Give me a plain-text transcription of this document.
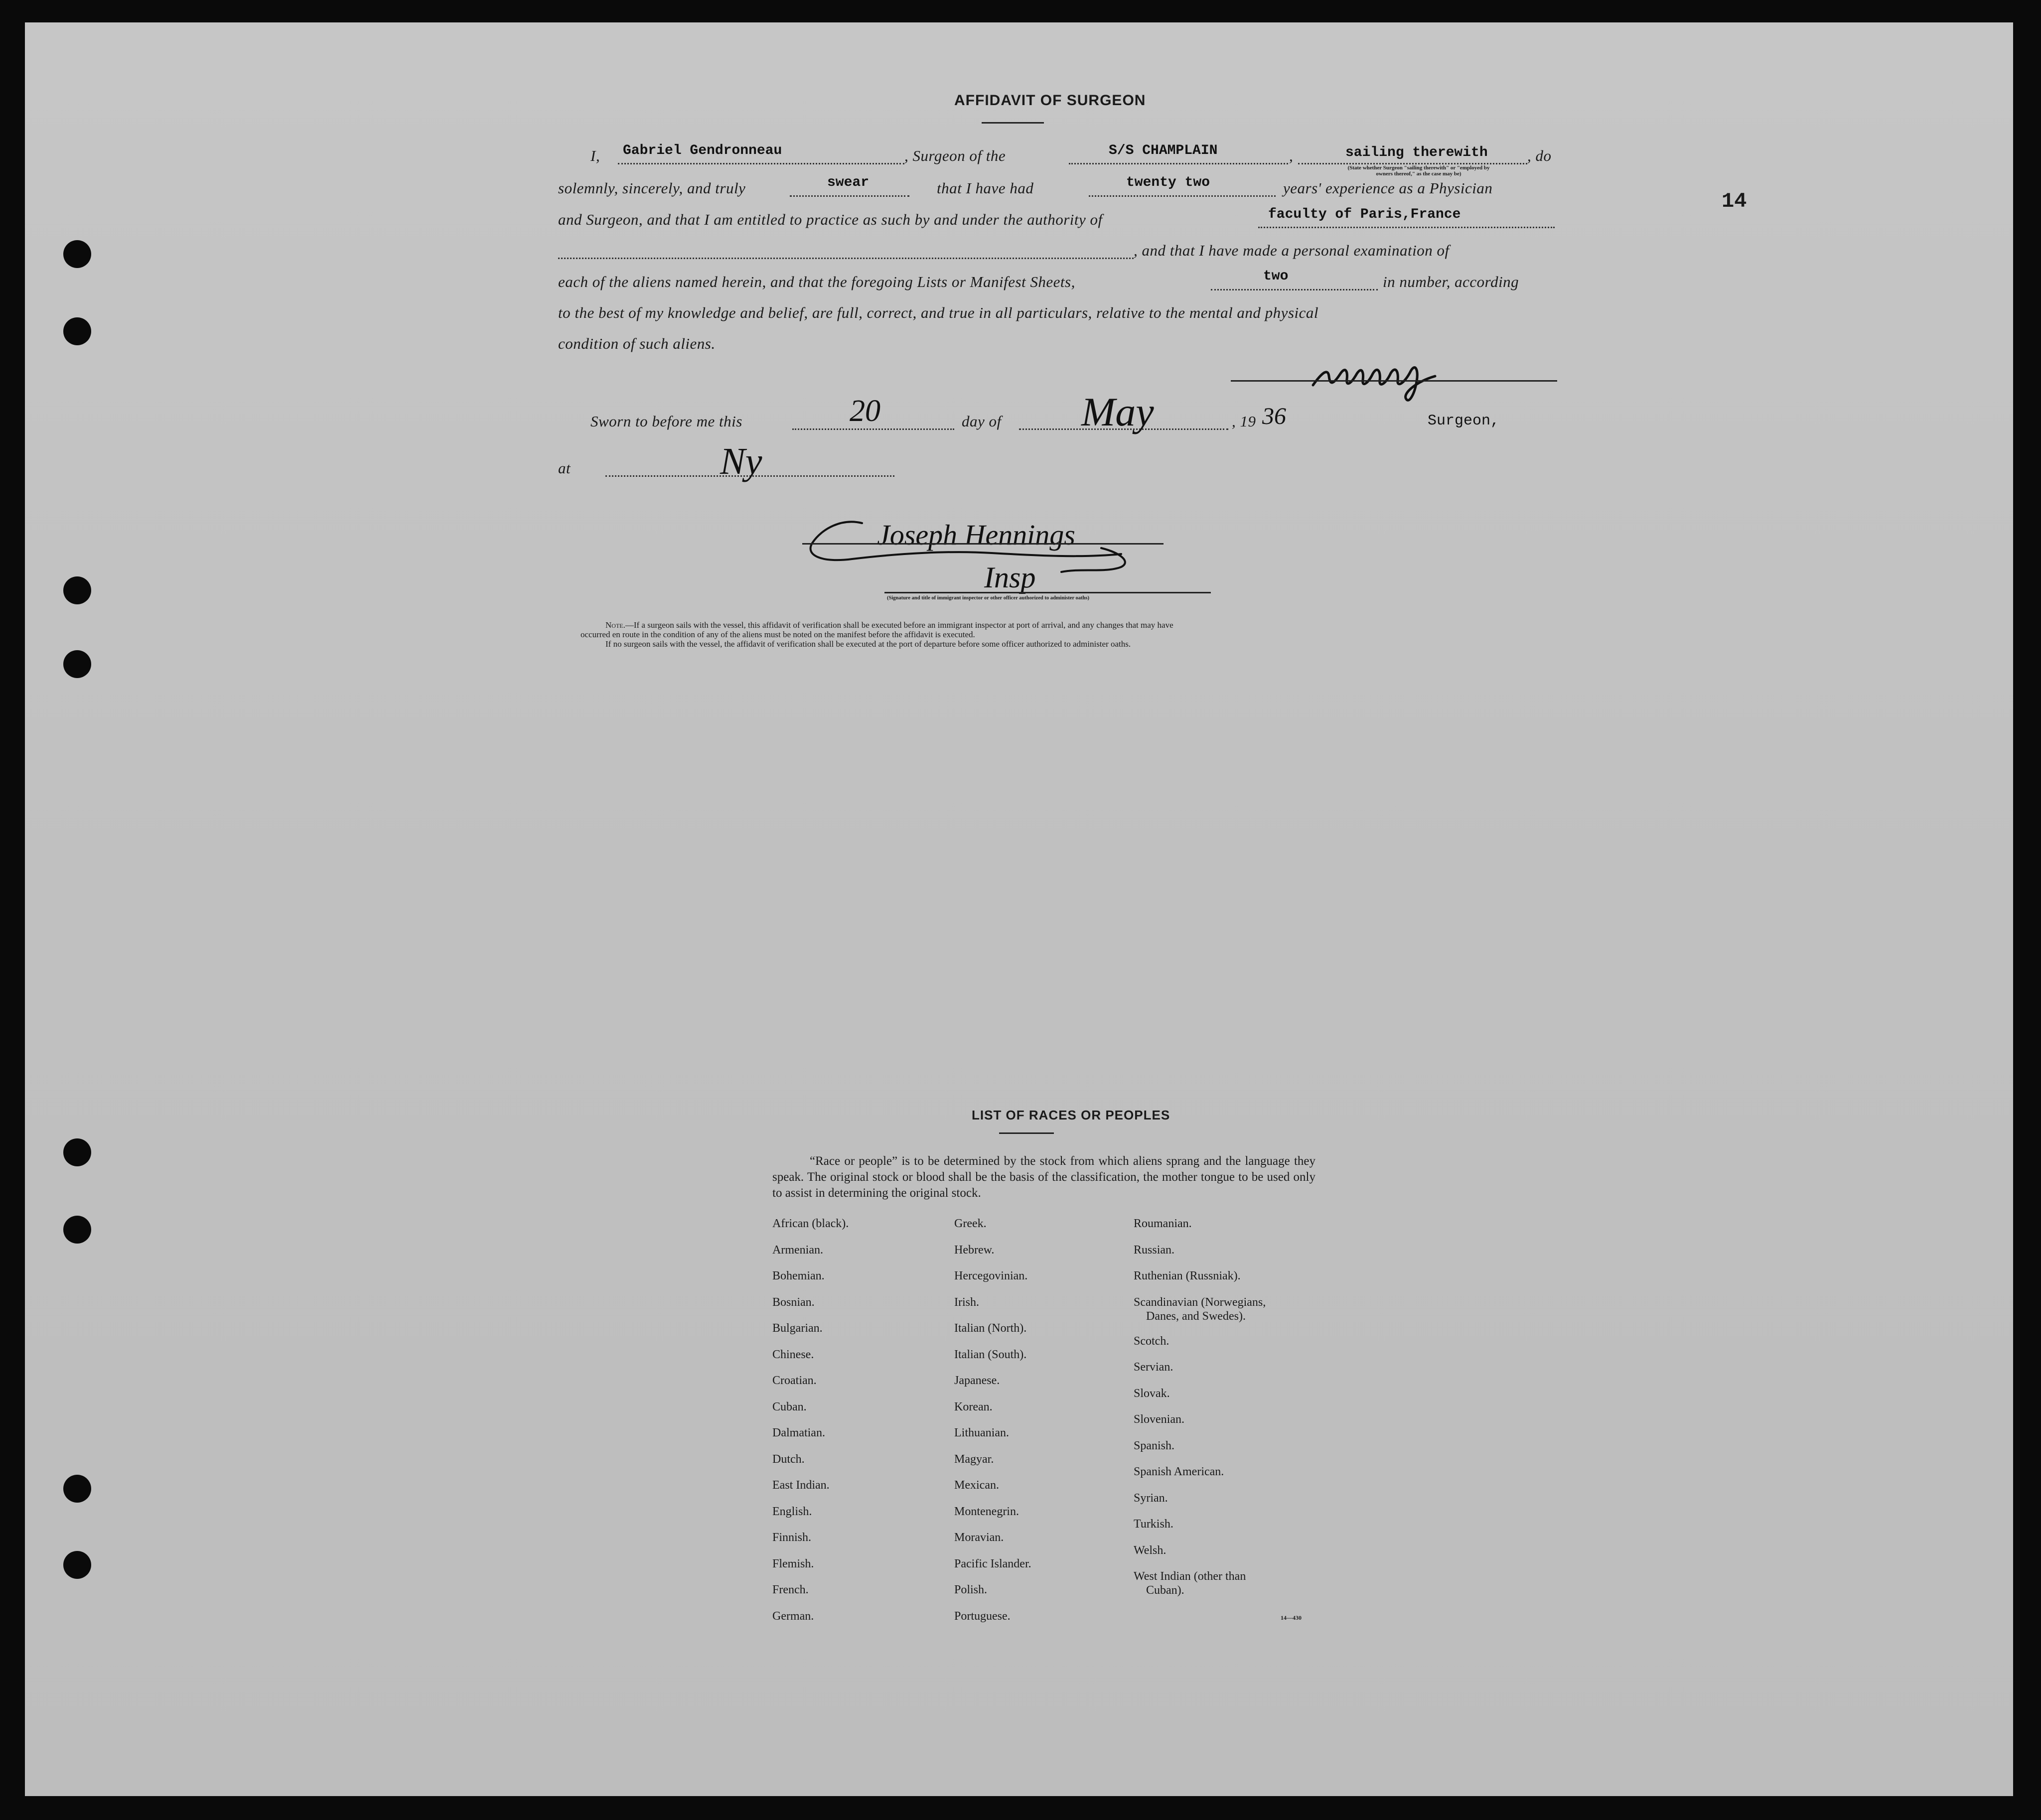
14
AFFIDAVIT OF SURGEON
I, Gabriel Gendronneau	, Surgeon of the	S/S CHAMPLAIN	,	sailing therewith	, do
(State whether Surgeon "sailing therewith" or "employed by
owners thereof," as the case may be)
solemnly, sincerely, and truly	swear	that I have had	twenty two	years' experience as a Physician
and Surgeon, and that I am entitled to practice as such by and under the authority of	faculty of Paris,France
, and that I have made a personal examination of
each of the aliens named herein, and that the foregoing Lists or Manifest Sheets,	two	in number, according
to the best of my knowledge and belief, are full, correct, and true in all particulars, relative to the mental and physical
condition of such aliens.
Sworn to before me this	20	day of May	, 19 36	Surgeon,
at	Ny
Joseph Hennings
Insp
(Signature and title of immigrant inspector or other officer authorized to administer oaths)
Note.—If a surgeon sails with the vessel, this affidavit of verification shall be executed before an immigrant inspector at port of arrival, and any changes that may have
occurred en route in the condition of any of the aliens must be noted on the manifest before the affidavit is executed.
If no surgeon sails with the vessel, the affidavit of verification shall be executed at the port of departure before some officer authorized to administer oaths.
LIST OF RACES OR PEOPLES
“Race or people” is to be determined by the stock from which aliens sprang and the language they speak. The original stock or blood shall be the basis of the classification, the mother tongue to be used only to assist in determining the original stock.
African (black).
Armenian.
Bohemian.
Bosnian.
Bulgarian.
Chinese.
Croatian.
Cuban.
Dalmatian.
Dutch.
East Indian.
English.
Finnish.
Flemish.
French.
German.
Greek.
Hebrew.
Hercegovinian.
Irish.
Italian (North).
Italian (South).
Japanese.
Korean.
Lithuanian.
Magyar.
Mexican.
Montenegrin.
Moravian.
Pacific Islander.
Polish.
Portuguese.
Roumanian.
Russian.
Ruthenian (Russniak).
Scandinavian (Norwegians,
Danes, and Swedes).
Scotch.
Servian.
Slovak.
Slovenian.
Spanish.
Spanish American.
Syrian.
Turkish.
Welsh.
West Indian (other than
Cuban).
14—430
